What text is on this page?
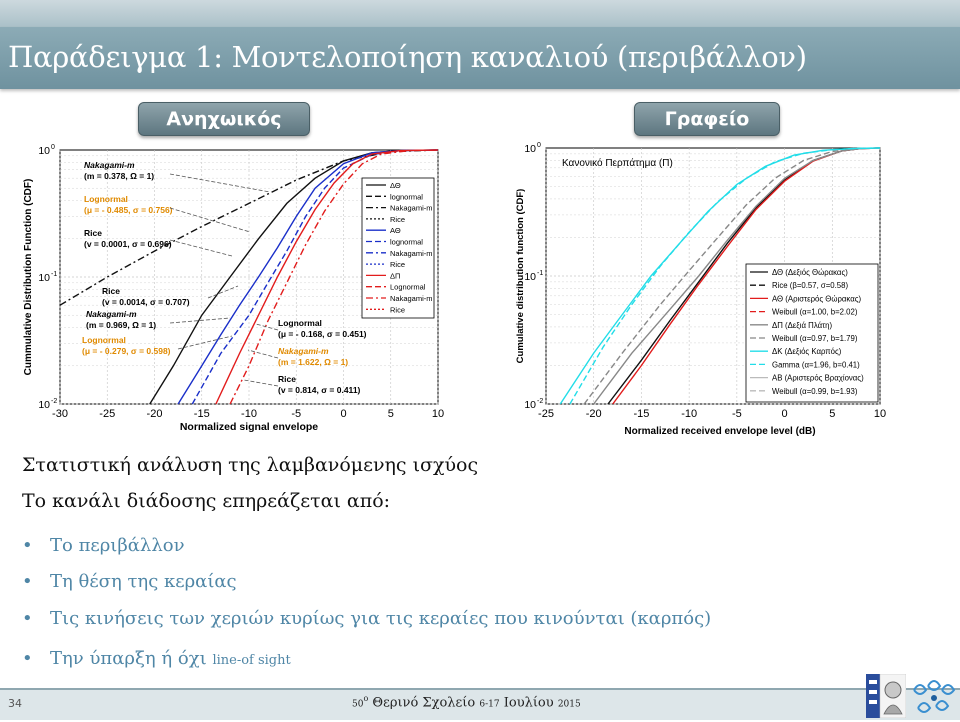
Παράδειγμα 1: Μοντελοποίηση καναλιού (περιβάλλον)
Ανηχωικός	Γραφείο
-30	-25	-20	-15	-10	-5	0	5	10
10 0
10 -1
10 -2
Cummulative Distribution Function (CDF)
Normalized signal envelope
Nakagami-m
(m = 0.378, Ω = 1)
Lognormal
(μ = - 0.485, σ = 0.756)
Rice
(v = 0.0001, σ = 0.696)
Rice
(v = 0.0014, σ = 0.707)
Nakagami-m
(m = 0.969, Ω = 1)
Lognormal
(μ = - 0.279, σ = 0.598)
Lognormal
(μ = - 0.168, σ = 0.451)
Nakagami-m
(m = 1.622, Ω = 1)
Rice
(v = 0.814, σ = 0.411)
ΔΘ
lognormal
Nakagami-m
Rice
ΑΘ
lognormal
Nakagami-m
Rice
ΔΠ
Lognormal
Nakagami-m
Rice
-25	-20	-15	-10	-5	0	5	10
10 0
10 -1
10 -2
Κανονικό Περπάτημα (Π)
Cumulative distribution function (CDF)
Normalized received envelope level (dB)
ΔΘ (Δεξιός Θώρακας)
Rice (β=0.57, σ=0.58)
ΑΘ (Αριστερός Θώρακας)
Weibull (α=1.00, b=2.02)
ΔΠ (Δεξιά Πλάτη)
Weibull (α=0.97, b=1.79)
ΔΚ (Δεξιός Καρπός)
Gamma (α=1.96, b=0.41)
ΑΒ (Αριστερός Βραχίονας)
Weibull (α=0.99, b=1.93)
Στατιστική ανάλυση της λαμβανόμενης ισχύος
Το κανάλι διάδοσης επηρεάζεται από:
• Το περιβάλλον
• Τη θέση της κεραίας
• Τις κινήσεις των χεριών κυρίως για τις κεραίες που κινούνται (καρπός)
• Την ύπαρξη ή όχι line-of sight
34	$50^o$ Θερινό Σχολείο 6-17 Ιουλίου 2015
